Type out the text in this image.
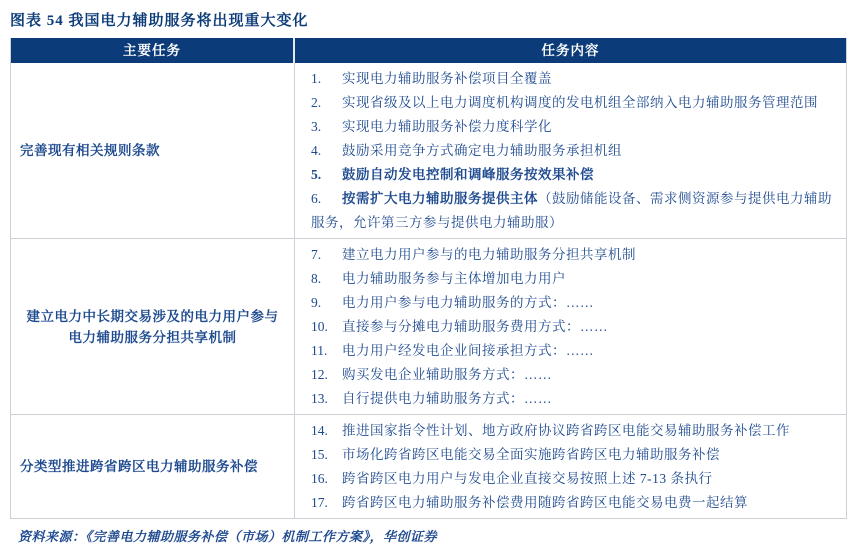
图表 54 我国电力辅助服务将出现重大变化
主要任务	任务内容
完善现有相关规则条款
1. 实现电力辅助服务补偿项目全覆盖
2. 实现省级及以上电力调度机构调度的发电机组全部纳入电力辅助服务管理范围
3. 实现电力辅助服务补偿力度科学化
4. 鼓励采用竞争方式确定电力辅助服务承担机组
5. 鼓励自动发电控制和调峰服务按效果补偿
6. 按需扩大电力辅助服务提供主体（鼓励储能设备、需求侧资源参与提供电力辅助服务，允许第三方参与提供电力辅助服）
建立电力中长期交易涉及的电力用户参与电力辅助服务分担共享机制
7. 建立电力用户参与的电力辅助服务分担共享机制
8. 电力辅助服务参与主体增加电力用户
9. 电力用户参与电力辅助服务的方式：……
10. 直接参与分摊电力辅助服务费用方式：……
11. 电力用户经发电企业间接承担方式：……
12. 购买发电企业辅助服务方式：……
13. 自行提供电力辅助服务方式：……
分类型推进跨省跨区电力辅助服务补偿
14. 推进国家指令性计划、地方政府协议跨省跨区电能交易辅助服务补偿工作
15. 市场化跨省跨区电能交易全面实施跨省跨区电力辅助服务补偿
16. 跨省跨区电力用户与发电企业直接交易按照上述 7-13 条执行
17. 跨省跨区电力辅助服务补偿费用随跨省跨区电能交易电费一起结算
资料来源：《完善电力辅助服务补偿（市场）机制工作方案》，华创证券
